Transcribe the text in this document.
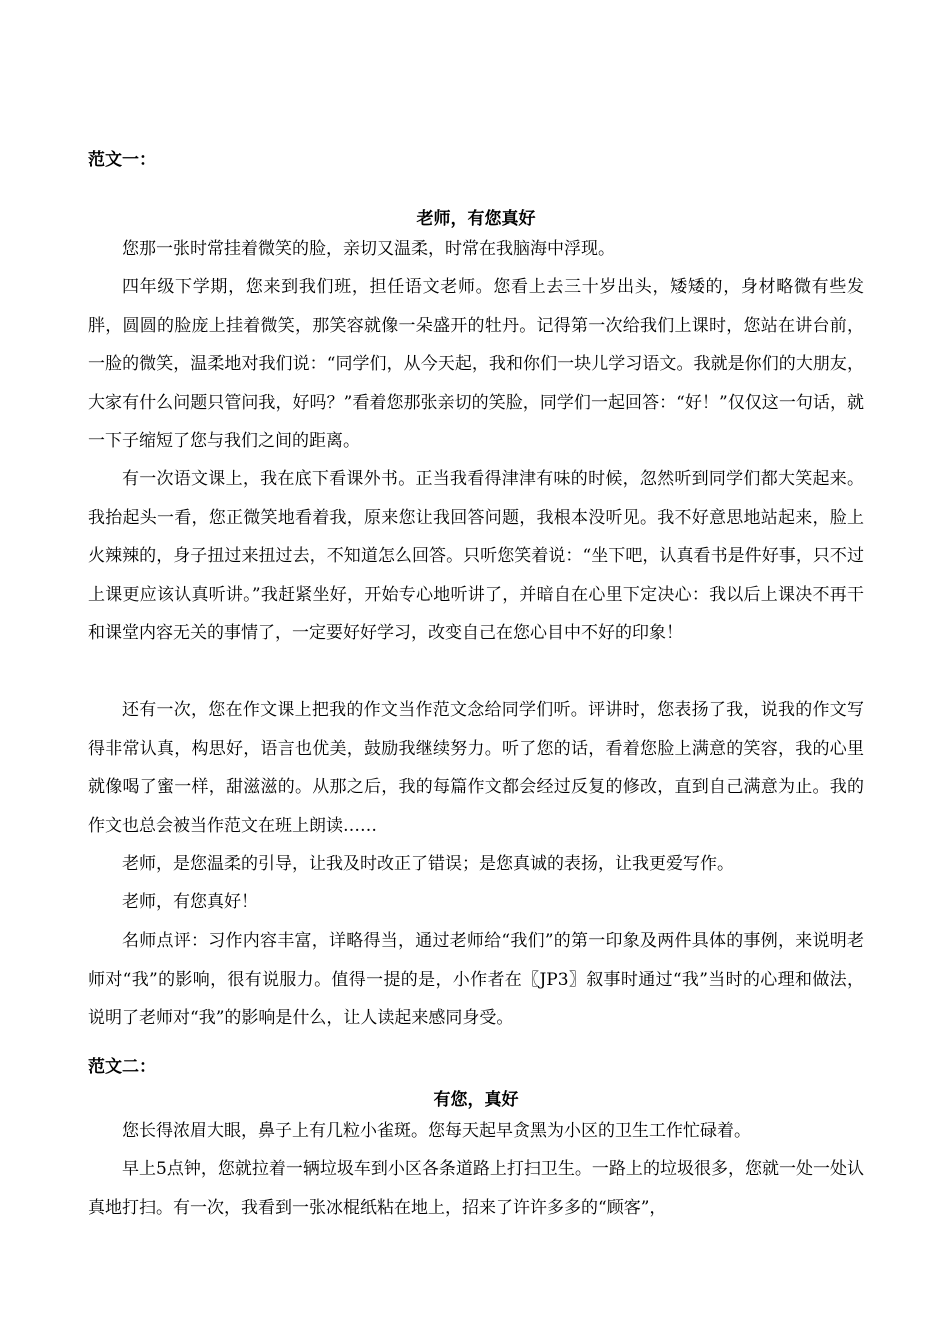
范文一：
老师，有您真好

您那一张时常挂着微笑的脸，亲切又温柔，时常在我脑海中浮现。

四年级下学期，您来到我们班，担任语文老师。您看上去三十岁出头，矮矮的，身材略微有些发胖，圆圆的脸庞上挂着微笑，那笑容就像一朵盛开的牡丹。记得第一次给我们上课时，您站在讲台前，一脸的微笑，温柔地对我们说：“同学们，从今天起，我和你们一块儿学习语文。我就是你们的大朋友，大家有什么问题只管问我，好吗？”看着您那张亲切的笑脸，同学们一起回答：“好！”仅仅这一句话，就一下子缩短了您与我们之间的距离。

有一次语文课上，我在底下看课外书。正当我看得津津有味的时候，忽然听到同学们都大笑起来。我抬起头一看，您正微笑地看着我，原来您让我回答问题，我根本没听见。我不好意思地站起来，脸上火辣辣的，身子扭过来扭过去，不知道怎么回答。只听您笑着说：“坐下吧，认真看书是件好事，只不过上课更应该认真听讲。”我赶紧坐好，开始专心地听讲了，并暗自在心里下定决心：我以后上课决不再干和课堂内容无关的事情了，一定要好好学习，改变自己在您心目中不好的印象！

还有一次，您在作文课上把我的作文当作范文念给同学们听。评讲时，您表扬了我，说我的作文写得非常认真，构思好，语言也优美，鼓励我继续努力。听了您的话，看着您脸上满意的笑容，我的心里就像喝了蜜一样，甜滋滋的。从那之后，我的每篇作文都会经过反复的修改，直到自己满意为止。我的作文也总会被当作范文在班上朗读……

老师，是您温柔的引导，让我及时改正了错误；是您真诚的表扬，让我更爱写作。

老师，有您真好！

名师点评：习作内容丰富，详略得当，通过老师给“我们”的第一印象及两件具体的事例，来说明老师对“我”的影响，很有说服力。值得一提的是，小作者在〖JP3〗叙事时通过“我”当时的心理和做法，说明了老师对“我”的影响是什么，让人读起来感同身受。

范文二：
有您，真好

您长得浓眉大眼，鼻子上有几粒小雀斑。您每天起早贪黑为小区的卫生工作忙碌着。

早上5点钟，您就拉着一辆垃圾车到小区各条道路上打扫卫生。一路上的垃圾很多，您就一处一处认真地打扫。有一次，我看到一张冰棍纸粘在地上，招来了许许多多的“顾客”，
